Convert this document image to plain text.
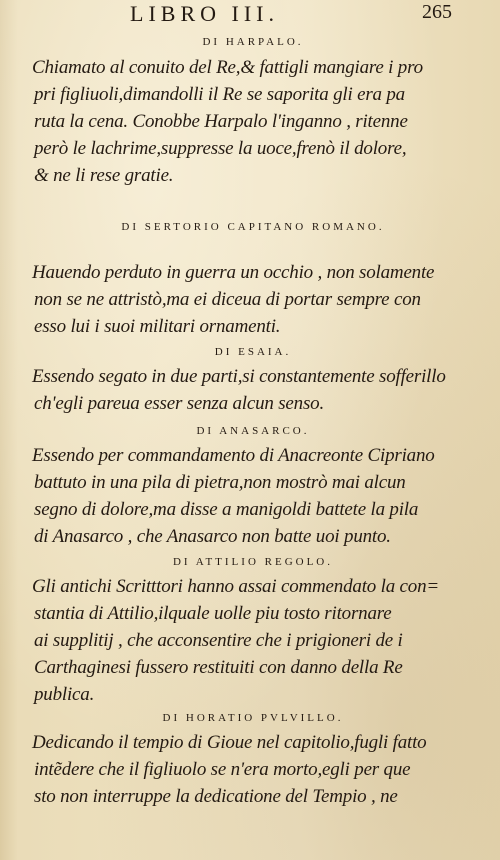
LIBRO III.	265
DI HARPALO.
Chiamato al conuito del Re,& fattigli mangiare i pro
pri figliuoli,dimandolli il Re se saporita gli era pa
ruta la cena. Conobbe Harpalo l'inganno , ritenne
però le lachrime,suppresse la uoce,frenò il dolore,
& ne li rese gratie.
DI SERTORIO CAPITANO ROMANO.
Hauendo perduto in guerra un occhio , non solamente
non se ne attristò,ma ei diceua di portar sempre con
esso lui i suoi militari ornamenti.
DI ESAIA.
Essendo segato in due parti,si constantemente sofferillo
ch'egli pareua esser senza alcun senso.
DI ANASARCO.
Essendo per commandamento di Anacreonte Cipriano
battuto in una pila di pietra,non mostrò mai alcun
segno di dolore,ma disse a manigoldi battete la pila
di Anasarco , che Anasarco non batte uoi punto.
DI ATTILIO REGOLO.
Gli antichi Scritttori hanno assai commendato la con=
stantia di Attilio,ilquale uolle piu tosto ritornare
ai supplitij , che acconsentire che i prigioneri de i
Carthaginesi fussero restituiti con danno della Re
publica.
DI HORATIO PVLVILLO.
Dedicando il tempio di Gioue nel capitolio,fugli fatto
intẽdere che il figliuolo se n'era morto,egli per que
sto non interruppe la dedicatione del Tempio , ne
